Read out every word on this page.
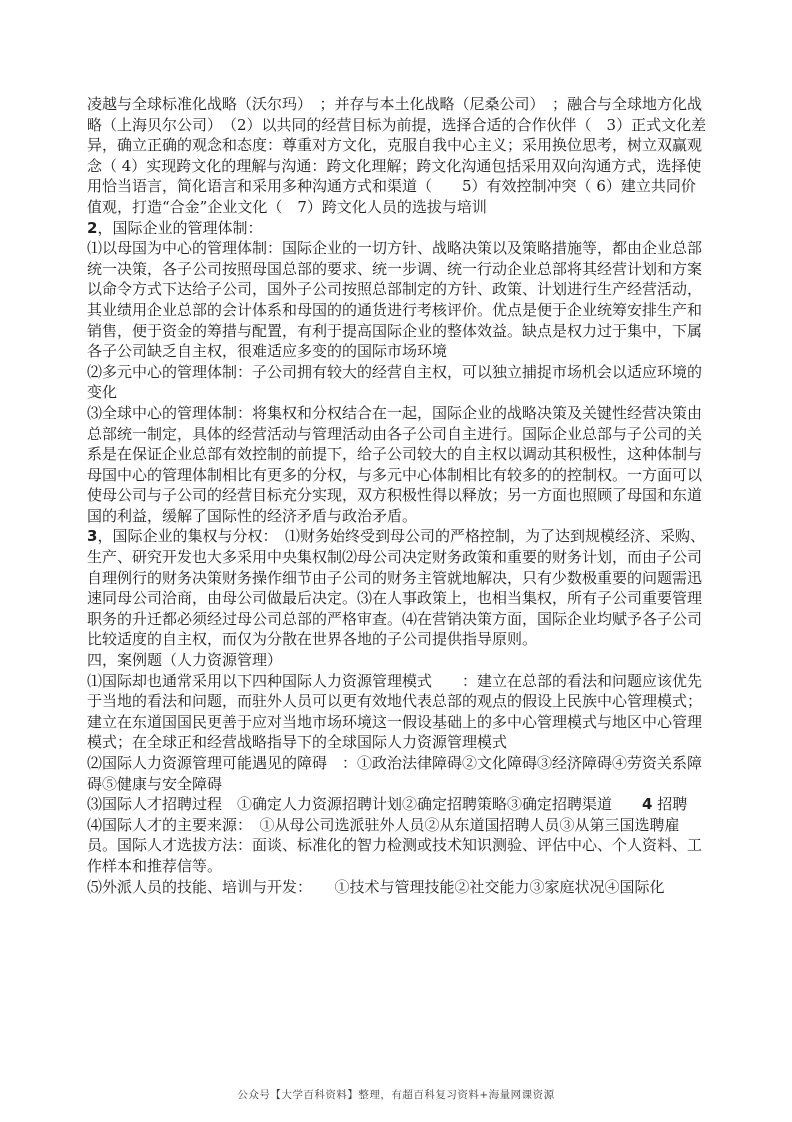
凌越与全球标准化战略（沃尔玛）　；并存与本土化战略（尼桑公司）　；融合与全球地方化战略（上海贝尔公司）　（2）以共同的经营目标为前提，选择合适的合作伙伴（　3）正式文化差异，确立正确的观念和态度：尊重对方文化，克服自我中心主义；采用换位思考，树立双赢观念（ 4）实现跨文化的理解与沟通：跨文化理解；跨文化沟通包括采用双向沟通方式，选择使用恰当语言，简化语言和采用多种沟通方式和渠道（　　5）有效控制冲突（ 6）建立共同价值观，打造“合金”企业文化（　7）跨文化人员的选拔与培训

2，国际企业的管理体制：

⑴以母国为中心的管理体制：国际企业的一切方针、战略决策以及策略措施等，都由企业总部统一决策，各子公司按照母国总部的要求、统一步调、统一行动企业总部将其经营计划和方案以命令方式下达给子公司，国外子公司按照总部制定的方针、政策、计划进行生产经营活动，其业绩用企业总部的会计体系和母国的的通货进行考核评价。优点是便于企业统筹安排生产和销售，便于资金的筹措与配置，有利于提高国际企业的整体效益。缺点是权力过于集中，下属各子公司缺乏自主权，很难适应多变的的国际市场环境

⑵多元中心的管理体制：子公司拥有较大的经营自主权，可以独立捕捉市场机会以适应环境的变化

⑶全球中心的管理体制：将集权和分权结合在一起，国际企业的战略决策及关键性经营决策由总部统一制定，具体的经营活动与管理活动由各子公司自主进行。国际企业总部与子公司的关系是在保证企业总部有效控制的前提下，给子公司较大的自主权以调动其积极性，这种体制与母国中心的管理体制相比有更多的分权，与多元中心体制相比有较多的的控制权。一方面可以使母公司与子公司的经营目标充分实现，双方积极性得以释放；另一方面也照顾了母国和东道国的利益，缓解了国际性的经济矛盾与政治矛盾。

3，国际企业的集权与分权：　⑴财务始终受到母公司的严格控制，为了达到规模经济、采购、生产、研究开发也大多采用中央集权制⑵母公司决定财务政策和重要的财务计划，而由子公司自理例行的财务决策财务操作细节由子公司的财务主管就地解决，只有少数极重要的问题需迅速同母公司洽商，由母公司做最后决定。⑶在人事政策上，也相当集权，所有子公司重要管理职务的升迁都必须经过母公司总部的严格审查。⑷在营销决策方面，国际企业均赋予各子公司比较适度的自主权，而仅为分散在世界各地的子公司提供指导原则。

四，案例题（人力资源管理）

⑴国际却也通常采用以下四种国际人力资源管理模式　　：建立在总部的看法和问题应该优先于当地的看法和问题，而驻外人员可以更有效地代表总部的观点的假设上民族中心管理模式；建立在东道国国民更善于应对当地市场环境这一假设基础上的多中心管理模式与地区中心管理模式；在全球正和经营战略指导下的全球国际人力资源管理模式

⑵国际人力资源管理可能遇见的障碍　：①政治法律障碍②文化障碍③经济障碍④劳资关系障碍⑤健康与安全障碍

⑶国际人才招聘过程　①确定人力资源招聘计划②确定招聘策略③确定招聘渠道　　4 招聘

⑷国际人才的主要来源：　①从母公司选派驻外人员②从东道国招聘人员③从第三国选聘雇员。国际人才选拔方法：面谈、标准化的智力检测或技术知识测验、评估中心、个人资料、工作样本和推荐信等。

⑸外派人员的技能、培训与开发：　　①技术与管理技能②社交能力③家庭状况④国际化

公众号【大学百科资料】整理，有超百科复习资料+海量网课资源
